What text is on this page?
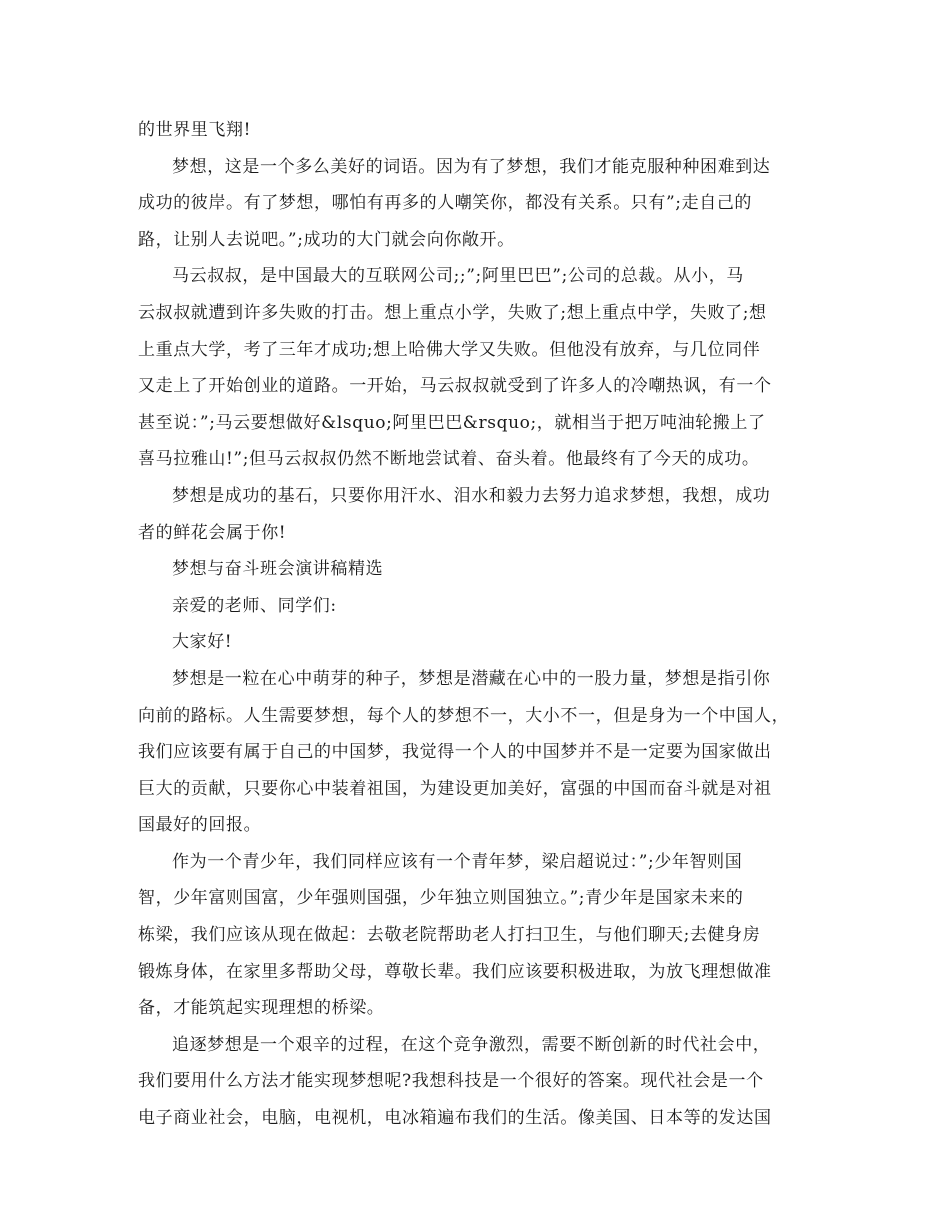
的世界里飞翔!
梦想，这是一个多么美好的词语。因为有了梦想，我们才能克服种种困难到达
成功的彼岸。有了梦想，哪怕有再多的人嘲笑你，都没有关系。只有”;走自己的
路，让别人去说吧。”;成功的大门就会向你敞开。
马云叔叔，是中国最大的互联网公司;;”;阿里巴巴”;公司的总裁。从小，马
云叔叔就遭到许多失败的打击。想上重点小学，失败了;想上重点中学，失败了;想
上重点大学，考了三年才成功;想上哈佛大学又失败。但他没有放弃，与几位同伴
又走上了开始创业的道路。一开始，马云叔叔就受到了许多人的冷嘲热讽，有一个
甚至说：”;马云要想做好&lsquo;阿里巴巴&rsquo;，就相当于把万吨油轮搬上了
喜马拉雅山!”;但马云叔叔仍然不断地尝试着、奋头着。他最终有了今天的成功。
梦想是成功的基石，只要你用汗水、泪水和毅力去努力追求梦想，我想，成功
者的鲜花会属于你!
梦想与奋斗班会演讲稿精选
亲爱的老师、同学们:
大家好!
梦想是一粒在心中萌芽的种子，梦想是潜藏在心中的一股力量，梦想是指引你
向前的路标。人生需要梦想，每个人的梦想不一，大小不一，但是身为一个中国人，
我们应该要有属于自己的中国梦，我觉得一个人的中国梦并不是一定要为国家做出
巨大的贡献，只要你心中装着祖国，为建设更加美好，富强的中国而奋斗就是对祖
国最好的回报。
作为一个青少年，我们同样应该有一个青年梦，梁启超说过：”;少年智则国
智，少年富则国富，少年强则国强，少年独立则国独立。”;青少年是国家未来的
栋梁，我们应该从现在做起：去敬老院帮助老人打扫卫生，与他们聊天;去健身房
锻炼身体，在家里多帮助父母，尊敬长辈。我们应该要积极进取，为放飞理想做准
备，才能筑起实现理想的桥梁。
追逐梦想是一个艰辛的过程，在这个竞争激烈，需要不断创新的时代社会中，
我们要用什么方法才能实现梦想呢?我想科技是一个很好的答案。现代社会是一个
电子商业社会，电脑，电视机，电冰箱遍布我们的生活。像美国、日本等的发达国
